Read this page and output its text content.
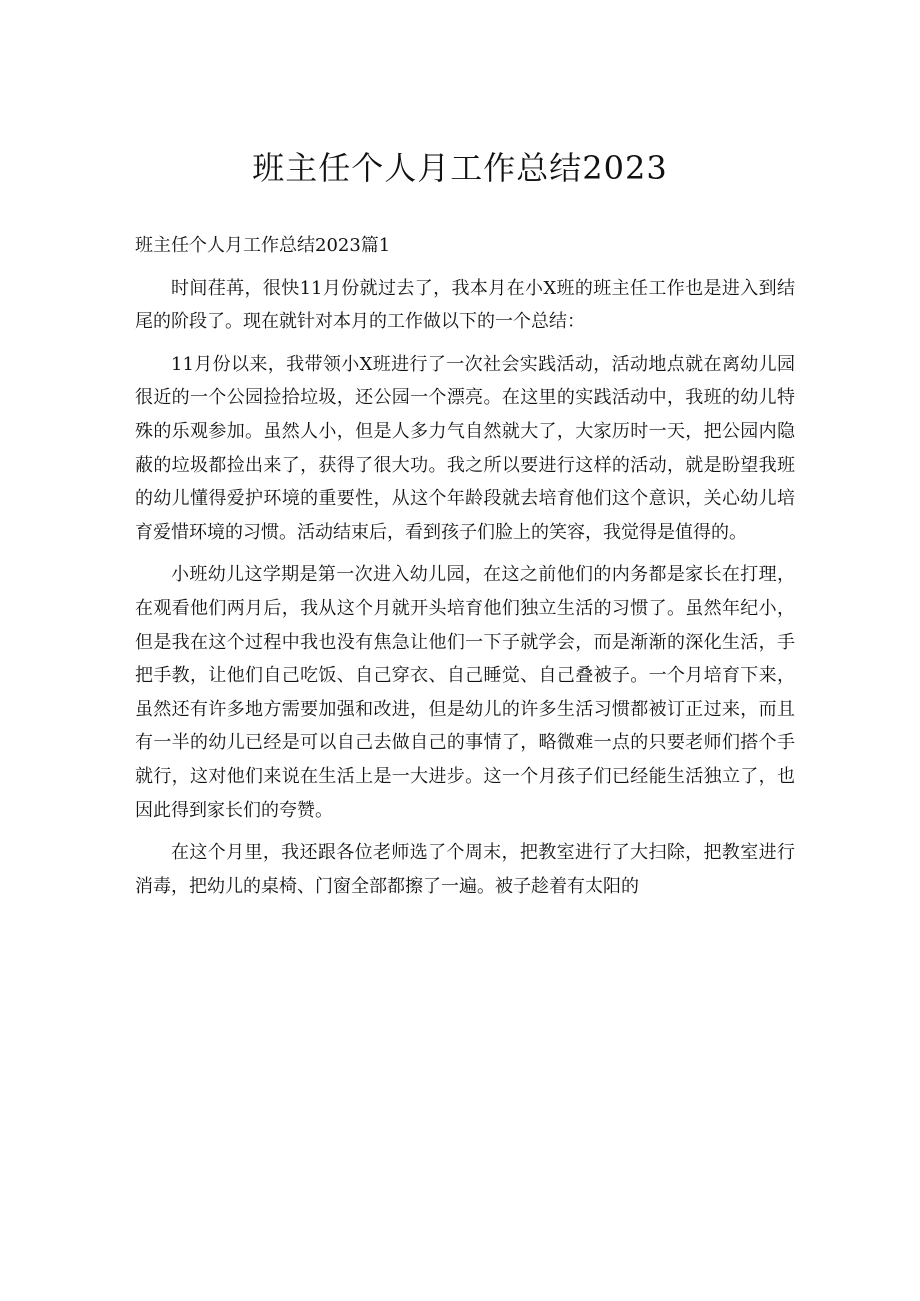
班主任个人月工作总结2023

班主任个人月工作总结2023篇1

时间荏苒，很快11月份就过去了，我本月在小X班的班主任工作也是进入到结尾的阶段了。现在就针对本月的工作做以下的一个总结：

11月份以来，我带领小X班进行了一次社会实践活动，活动地点就在离幼儿园很近的一个公园捡拾垃圾，还公园一个漂亮。在这里的实践活动中，我班的幼儿特殊的乐观参加。虽然人小，但是人多力气自然就大了，大家历时一天，把公园内隐蔽的垃圾都捡出来了，获得了很大功。我之所以要进行这样的活动，就是盼望我班的幼儿懂得爱护环境的重要性，从这个年龄段就去培育他们这个意识，关心幼儿培育爱惜环境的习惯。活动结束后，看到孩子们脸上的笑容，我觉得是值得的。

小班幼儿这学期是第一次进入幼儿园，在这之前他们的内务都是家长在打理，在观看他们两月后，我从这个月就开头培育他们独立生活的习惯了。虽然年纪小，但是我在这个过程中我也没有焦急让他们一下子就学会，而是渐渐的深化生活，手把手教，让他们自己吃饭、自己穿衣、自己睡觉、自己叠被子。一个月培育下来，虽然还有许多地方需要加强和改进，但是幼儿的许多生活习惯都被订正过来，而且有一半的幼儿已经是可以自己去做自己的事情了，略微难一点的只要老师们搭个手就行，这对他们来说在生活上是一大进步。这一个月孩子们已经能生活独立了，也因此得到家长们的夸赞。

在这个月里，我还跟各位老师选了个周末，把教室进行了大扫除，把教室进行消毒，把幼儿的桌椅、门窗全部都擦了一遍。被子趁着有太阳的
